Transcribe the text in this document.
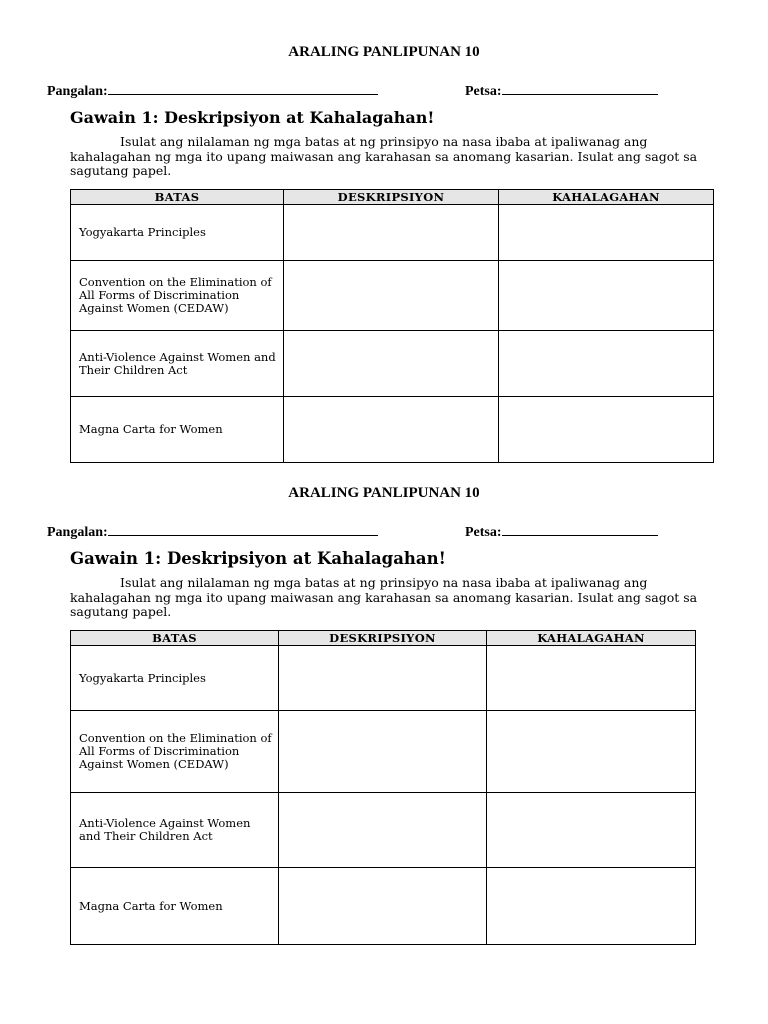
ARALING PANLIPUNAN 10
Pangalan:	Petsa:
Gawain 1: Deskripsiyon at Kahalagahan!
Isulat ang nilalaman ng mga batas at ng prinsipyo na nasa ibaba at ipaliwanag ang kahalagahan ng mga ito upang maiwasan ang karahasan sa anomang kasarian. Isulat ang sagot sa sagutang papel.
BATAS	DESKRIPSIYON	KAHALAGAHAN
Yogyakarta Principles		
Convention on the Elimination of All Forms of Discrimination Against Women (CEDAW)		
Anti-Violence Against Women and Their Children Act		
Magna Carta for Women		
ARALING PANLIPUNAN 10
Pangalan:	Petsa:
Gawain 1: Deskripsiyon at Kahalagahan!
Isulat ang nilalaman ng mga batas at ng prinsipyo na nasa ibaba at ipaliwanag ang kahalagahan ng mga ito upang maiwasan ang karahasan sa anomang kasarian. Isulat ang sagot sa sagutang papel.
BATAS	DESKRIPSIYON	KAHALAGAHAN
Yogyakarta Principles		
Convention on the Elimination of All Forms of Discrimination Against Women (CEDAW)		
Anti-Violence Against Women and Their Children Act		
Magna Carta for Women		
